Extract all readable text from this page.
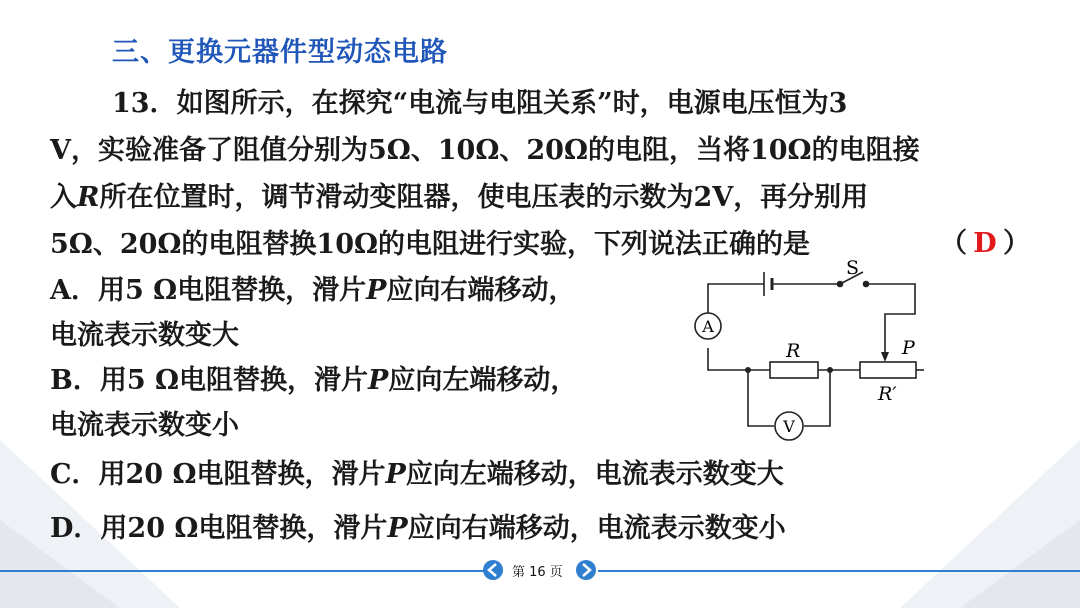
三、更换元器件型动态电路
13．如图所示，在探究“电流与电阻关系”时，电源电压恒为3
V，实验准备了阻值分别为5Ω、10Ω、20Ω的电阻，当将10Ω的电阻接
入R所在位置时，调节滑动变阻器，使电压表的示数为2V，再分别用
5Ω、20Ω的电阻替换10Ω的电阻进行实验，下列说法正确的是	（ D ）
A．用5 Ω电阻替换，滑片P应向右端移动，
电流表示数变大
B．用5 Ω电阻替换，滑片P应向左端移动，
电流表示数变小
C．用20 Ω电阻替换，滑片P应向左端移动，电流表示数变大
D．用20 Ω电阻替换，滑片P应向右端移动，电流表示数变小
A
V
S
R	P
R′
第 16 页
